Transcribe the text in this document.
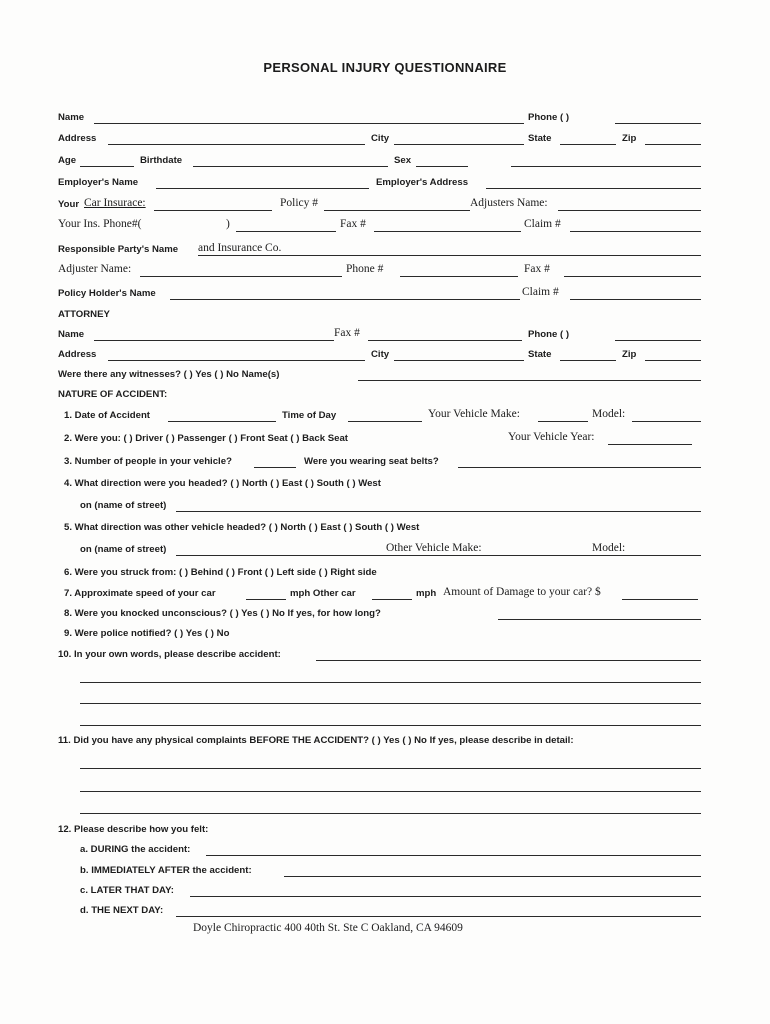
PERSONAL INJURY QUESTIONNAIRE
Name	Phone ( )
Address	City	State	Zip
Age	Birthdate	Sex
Employer's Name	Employer's Address
Your Car Insurace:	Policy #	Adjusters Name:
Your Ins. Phone#(	)	Fax #	Claim #
Responsible Party's Name and Insurance Co.
Adjuster Name:	Phone #	Fax #
Policy Holder's Name	Claim #
ATTORNEY
Name	Fax #	Phone ( )
Address	City	State	Zip
Were there any witnesses? ( ) Yes ( ) No Name(s)
NATURE OF ACCIDENT:
1. Date of Accident	Time of Day	Your Vehicle Make:	Model:
2. Were you: ( ) Driver ( ) Passenger ( ) Front Seat ( ) Back Seat	Your Vehicle Year:
3. Number of people in your vehicle?	Were you wearing seat belts?
4. What direction were you headed? ( ) North ( ) East ( ) South ( ) West
on (name of street)
5. What direction was other vehicle headed? ( ) North ( ) East ( ) South ( ) West
on (name of street)	Other Vehicle Make:	Model:
6. Were you struck from: ( ) Behind ( ) Front ( ) Left side ( ) Right side
7. Approximate speed of your car	mph Other car	mph Amount of Damage to your car? $
8. Were you knocked unconscious? ( ) Yes ( ) No If yes, for how long?
9. Were police notified? ( ) Yes ( ) No
10. In your own words, please describe accident:
11. Did you have any physical complaints BEFORE THE ACCIDENT? ( ) Yes ( ) No If yes, please describe in detail:
12. Please describe how you felt:
a. DURING the accident:
b. IMMEDIATELY AFTER the accident:
c. LATER THAT DAY:
d. THE NEXT DAY:
Doyle Chiropractic 400 40th St. Ste C Oakland, CA 94609
